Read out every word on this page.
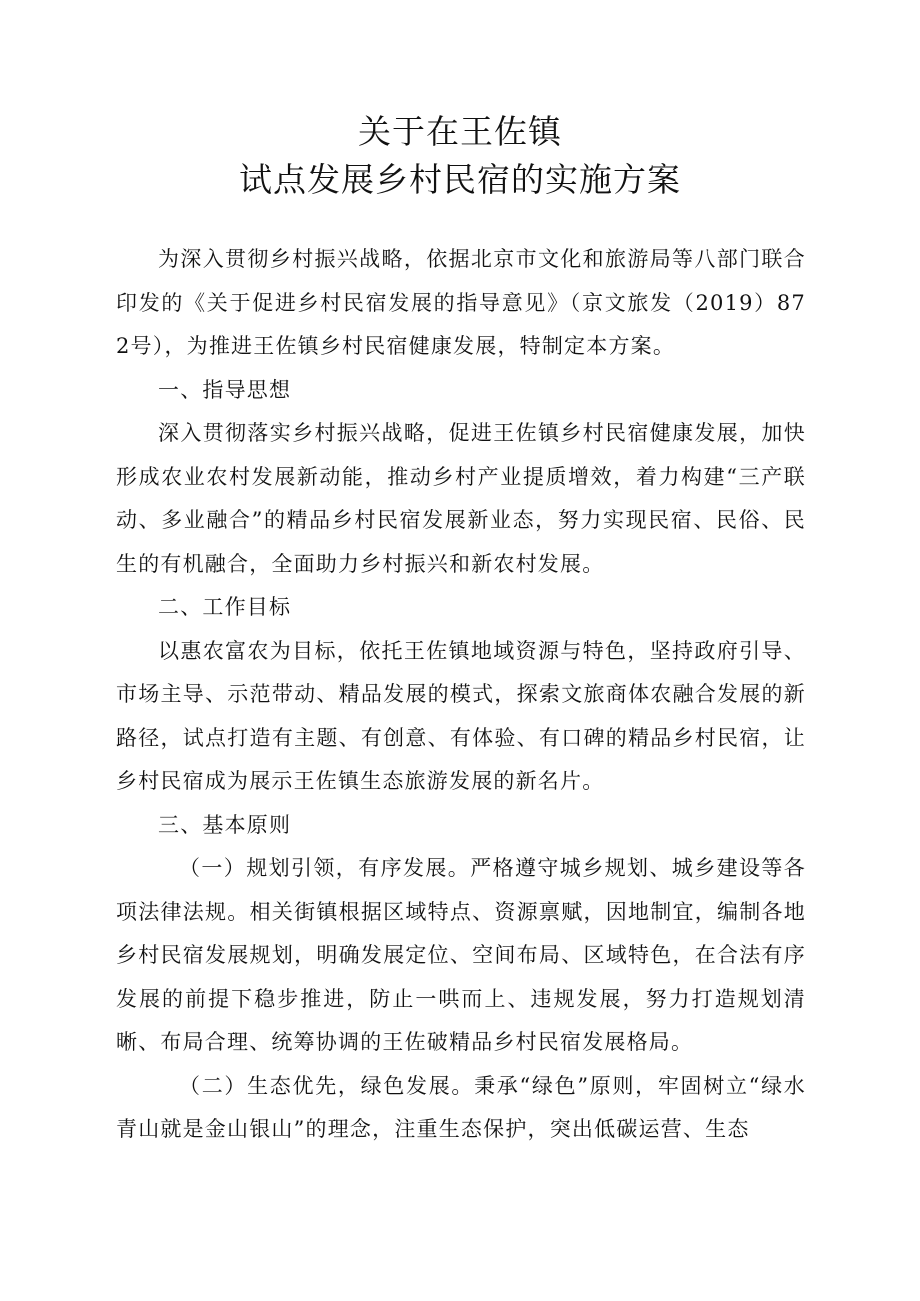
关于在王佐镇
试点发展乡村民宿的实施方案

为深入贯彻乡村振兴战略，依据北京市文化和旅游局等八部门联合印发的《关于促进乡村民宿发展的指导意见》（京文旅发（2019）872号），为推进王佐镇乡村民宿健康发展，特制定本方案。

一、指导思想

深入贯彻落实乡村振兴战略，促进王佐镇乡村民宿健康发展，加快形成农业农村发展新动能，推动乡村产业提质增效，着力构建“三产联动、多业融合”的精品乡村民宿发展新业态，努力实现民宿、民俗、民生的有机融合，全面助力乡村振兴和新农村发展。

二、工作目标

以惠农富农为目标，依托王佐镇地域资源与特色，坚持政府引导、市场主导、示范带动、精品发展的模式，探索文旅商体农融合发展的新路径，试点打造有主题、有创意、有体验、有口碑的精品乡村民宿，让乡村民宿成为展示王佐镇生态旅游发展的新名片。

三、基本原则

（一）规划引领，有序发展。严格遵守城乡规划、城乡建设等各项法律法规。相关街镇根据区域特点、资源禀赋，因地制宜，编制各地乡村民宿发展规划，明确发展定位、空间布局、区域特色，在合法有序发展的前提下稳步推进，防止一哄而上、违规发展，努力打造规划清晰、布局合理、统筹协调的王佐破精品乡村民宿发展格局。

（二）生态优先，绿色发展。秉承“绿色”原则，牢固树立“绿水青山就是金山银山”的理念，注重生态保护，突出低碳运营、生态
